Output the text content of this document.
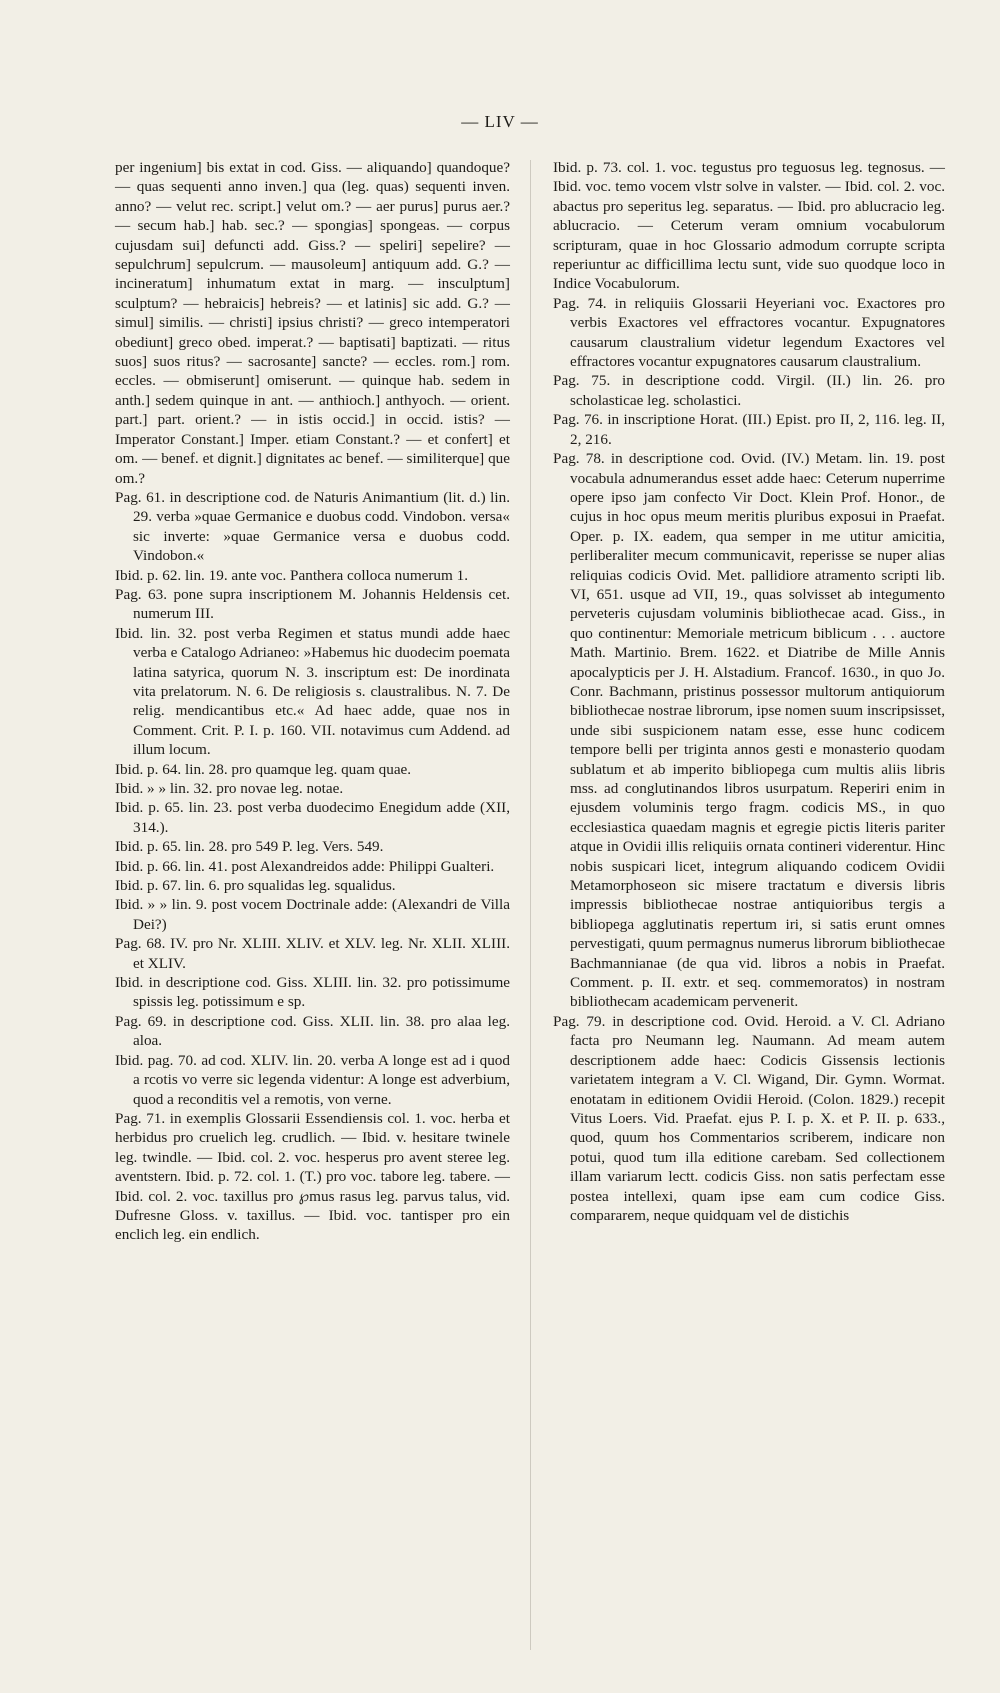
— LIV —

per ingenium] bis extat in cod. Giss. — aliquando] quandoque? — quas sequenti anno inven.] qua (leg. quas) sequenti inven. anno? — velut rec. script.] velut om.? — aer purus] purus aer.? — secum hab.] hab. sec.? — spongias] spongeas. — corpus cujusdam sui] defuncti add. Giss.? — speliri] sepelire? — sepulchrum] sepulcrum. — mausoleum] antiquum add. G.? — incineratum] inhumatum extat in marg. — insculptum] sculptum? — hebraicis] hebreis? — et latinis] sic add. G.? — simul] similis. — christi] ipsius christi? — greco intemperatori obediunt] greco obed. imperat.? — baptisati] baptizati. — ritus suos] suos ritus? — sacrosante] sancte? — eccles. rom.] rom. eccles. — obmiserunt] omiserunt. — quinque hab. sedem in anth.] sedem quinque in ant. — anthioch.] anthyoch. — orient. part.] part. orient.? — in istis occid.] in occid. istis? — Imperator Constant.] Imper. etiam Constant.? — et confert] et om. — benef. et dignit.] dignitates ac benef. — similiterque] que om.?

Pag. 61. in descriptione cod. de Naturis Animantium (lit. d.) lin. 29. verba »quae Germanice e duobus codd. Vindobon. versa« sic inverte: »quae Germanice versa e duobus codd. Vindobon.«

Ibid. p. 62. lin. 19. ante voc. Panthera colloca numerum 1.

Pag. 63. pone supra inscriptionem M. Johannis Heldensis cet. numerum III.

Ibid. lin. 32. post verba Regimen et status mundi adde haec verba e Catalogo Adrianeo: »Habemus hic duodecim poemata latina satyrica, quorum N. 3. inscriptum est: De inordinata vita prelatorum. N. 6. De religiosis s. claustralibus. N. 7. De relig. mendicantibus etc.« Ad haec adde, quae nos in Comment. Crit. P. I. p. 160. VII. notavimus cum Addend. ad illum locum.

Ibid. p. 64. lin. 28. pro quamque leg. quam quae.

Ibid. » » lin. 32. pro novae leg. notae.

Ibid. p. 65. lin. 23. post verba duodecimo Enegidum adde (XII, 314.).

Ibid. p. 65. lin. 28. pro 549 P. leg. Vers. 549.

Ibid. p. 66. lin. 41. post Alexandreidos adde: Philippi Gualteri.

Ibid. p. 67. lin. 6. pro squalidas leg. squalidus.

Ibid. » » lin. 9. post vocem Doctrinale adde: (Alexandri de Villa Dei?)

Pag. 68. IV. pro Nr. XLIII. XLIV. et XLV. leg. Nr. XLII. XLIII. et XLIV.

Ibid. in descriptione cod. Giss. XLIII. lin. 32. pro potissimume spissis leg. potissimum e sp.

Pag. 69. in descriptione cod. Giss. XLII. lin. 38. pro alaa leg. aloa.

Ibid. pag. 70. ad cod. XLIV. lin. 20. verba A longe est ad i quod a rcotis vo verre sic legenda videntur: A longe est adverbium, quod a reconditis vel a remotis, von verne.

Pag. 71. in exemplis Glossarii Essendiensis col. 1. voc. herba et herbidus pro cruelich leg. crudlich. — Ibid. v. hesitare twinele leg. twindle. — Ibid. col. 2. voc. hesperus pro avent steree leg. aventstern. Ibid. p. 72. col. 1. (T.) pro voc. tabore leg. tabere. — Ibid. col. 2. voc. taxillus pro ℘mus rasus leg. parvus talus, vid. Dufresne Gloss. v. taxillus. — Ibid. voc. tantisper pro ein enclich leg. ein endlich.

Ibid. p. 73. col. 1. voc. tegustus pro teguosus leg. tegnosus. — Ibid. voc. temo vocem vlstr solve in valster. — Ibid. col. 2. voc. abactus pro seperitus leg. separatus. — Ibid. pro ablucracio leg. ablucracio. — Ceterum veram omnium vocabulorum scripturam, quae in hoc Glossario admodum corrupte scripta reperiuntur ac difficillima lectu sunt, vide suo quodque loco in Indice Vocabulorum.

Pag. 74. in reliquiis Glossarii Heyeriani voc. Exactores pro verbis Exactores vel effractores vocantur. Expugnatores causarum claustralium videtur legendum Exactores vel effractores vocantur expugnatores causarum claustralium.

Pag. 75. in descriptione codd. Virgil. (II.) lin. 26. pro scholasticae leg. scholastici.

Pag. 76. in inscriptione Horat. (III.) Epist. pro II, 2, 116. leg. II, 2, 216.

Pag. 78. in descriptione cod. Ovid. (IV.) Metam. lin. 19. post vocabula adnumerandus esset adde haec: Ceterum nuperrime opere ipso jam confecto Vir Doct. Klein Prof. Honor., de cujus in hoc opus meum meritis pluribus exposui in Praefat. Oper. p. IX. eadem, qua semper in me utitur amicitia, perliberaliter mecum communicavit, reperisse se nuper alias reliquias codicis Ovid. Met. pallidiore atramento scripti lib. VI, 651. usque ad VII, 19., quas solvisset ab integumento perveteris cujusdam voluminis bibliothecae acad. Giss., in quo continentur: Memoriale metricum biblicum . . . auctore Math. Martinio. Brem. 1622. et Diatribe de Mille Annis apocalypticis per J. H. Alstadium. Francof. 1630., in quo Jo. Conr. Bachmann, pristinus possessor multorum antiquiorum bibliothecae nostrae librorum, ipse nomen suum inscripsisset, unde sibi suspicionem natam esse, esse hunc codicem tempore belli per triginta annos gesti e monasterio quodam sublatum et ab imperito bibliopega cum multis aliis libris mss. ad conglutinandos libros usurpatum. Reperiri enim in ejusdem voluminis tergo fragm. codicis MS., in quo ecclesiastica quaedam magnis et egregie pictis literis pariter atque in Ovidii illis reliquiis ornata contineri viderentur. Hinc nobis suspicari licet, integrum aliquando codicem Ovidii Metamorphoseon sic misere tractatum e diversis libris impressis bibliothecae nostrae antiquioribus tergis a bibliopega agglutinatis repertum iri, si satis erunt omnes pervestigati, quum permagnus numerus librorum bibliothecae Bachmannianae (de qua vid. libros a nobis in Praefat. Comment. p. II. extr. et seq. commemoratos) in nostram bibliothecam academicam pervenerit.

Pag. 79. in descriptione cod. Ovid. Heroid. a V. Cl. Adriano facta pro Neumann leg. Naumann. Ad meam autem descriptionem adde haec: Codicis Gissensis lectionis varietatem integram a V. Cl. Wigand, Dir. Gymn. Wormat. enotatam in editionem Ovidii Heroid. (Colon. 1829.) recepit Vitus Loers. Vid. Praefat. ejus P. I. p. X. et P. II. p. 633., quod, quum hos Commentarios scriberem, indicare non potui, quod tum illa editione carebam. Sed collectionem illam variarum lectt. codicis Giss. non satis perfectam esse postea intellexi, quam ipse eam cum codice Giss. compararem, neque quidquam vel de distichis
